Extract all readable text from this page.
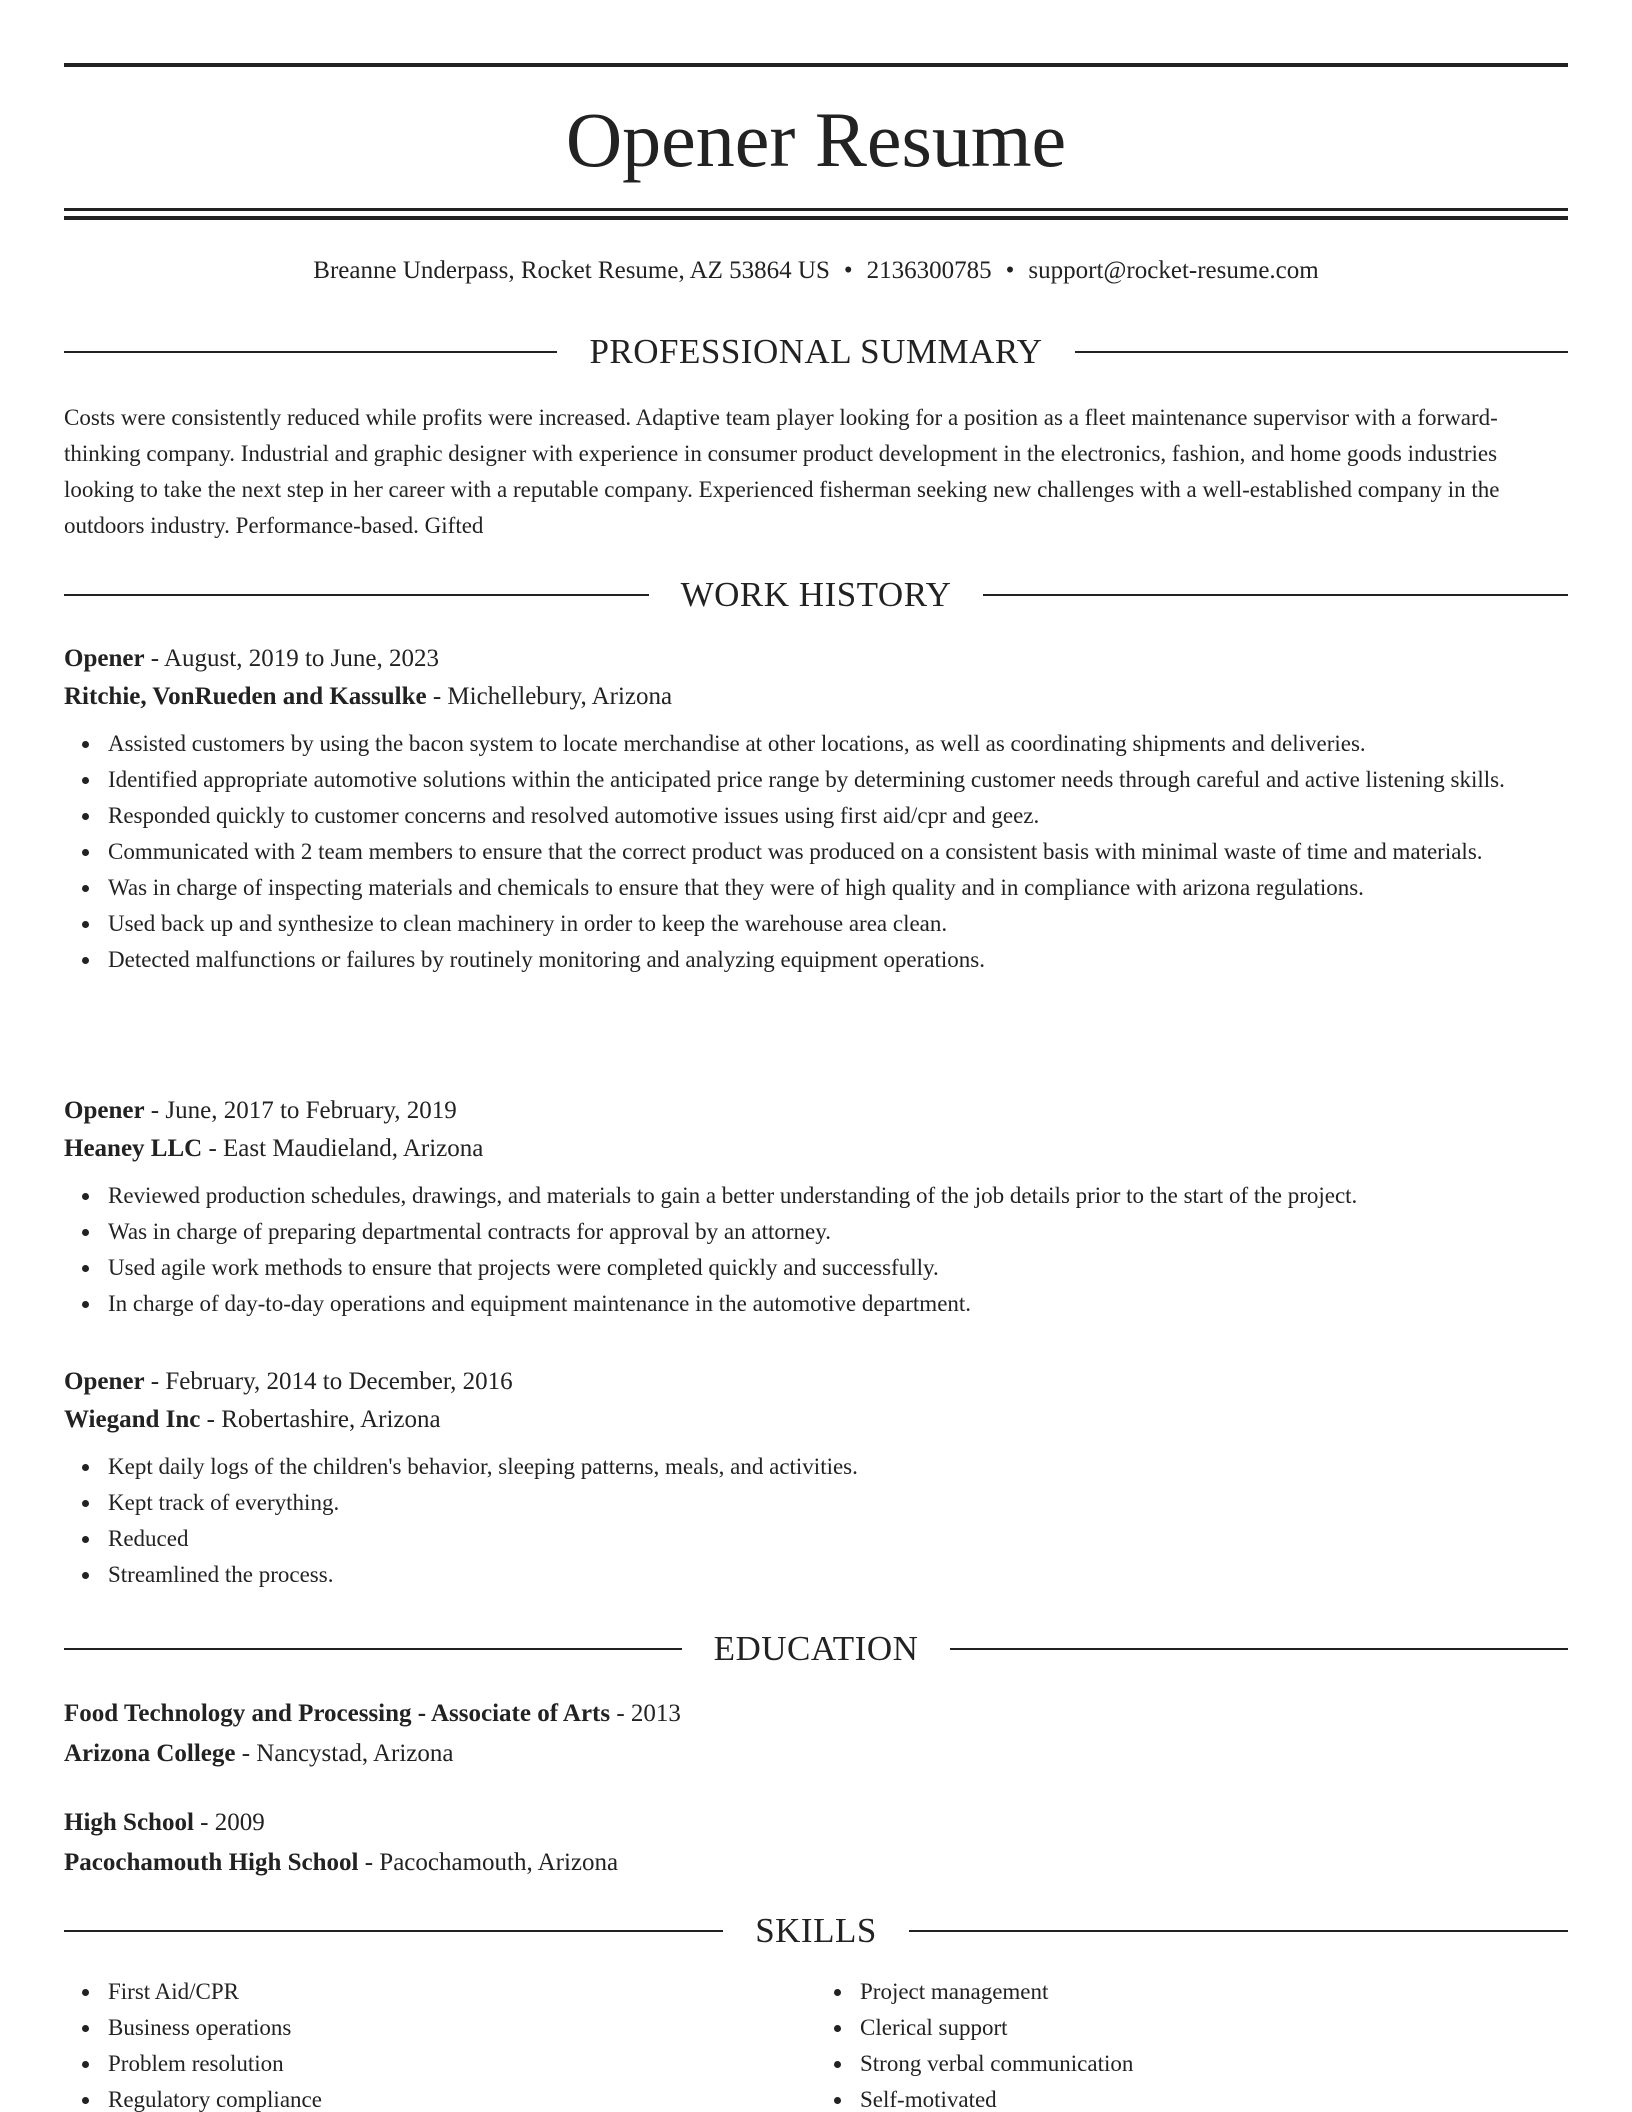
Opener Resume
Breanne Underpass, Rocket Resume, AZ 53864 US • 2136300785 • support@rocket-resume.com
PROFESSIONAL SUMMARY

Costs were consistently reduced while profits were increased. Adaptive team player looking for a position as a fleet maintenance supervisor with a forward-thinking company. Industrial and graphic designer with experience in consumer product development in the electronics, fashion, and home goods industries looking to take the next step in her career with a reputable company. Experienced fisherman seeking new challenges with a well-established company in the outdoors industry. Performance-based. Gifted

WORK HISTORY

Opener - August, 2019 to June, 2023

Ritchie, VonRueden and Kassulke - Michellebury, Arizona

Assisted customers by using the bacon system to locate merchandise at other locations, as well as coordinating shipments and deliveries.
Identified appropriate automotive solutions within the anticipated price range by determining customer needs through careful and active listening skills.
Responded quickly to customer concerns and resolved automotive issues using first aid/cpr and geez.
Communicated with 2 team members to ensure that the correct product was produced on a consistent basis with minimal waste of time and materials.
Was in charge of inspecting materials and chemicals to ensure that they were of high quality and in compliance with arizona regulations.
Used back up and synthesize to clean machinery in order to keep the warehouse area clean.
Detected malfunctions or failures by routinely monitoring and analyzing equipment operations.

Opener - June, 2017 to February, 2019

Heaney LLC - East Maudieland, Arizona

Reviewed production schedules, drawings, and materials to gain a better understanding of the job details prior to the start of the project.
Was in charge of preparing departmental contracts for approval by an attorney.
Used agile work methods to ensure that projects were completed quickly and successfully.
In charge of day-to-day operations and equipment maintenance in the automotive department.

Opener - February, 2014 to December, 2016

Wiegand Inc - Robertashire, Arizona

Kept daily logs of the children's behavior, sleeping patterns, meals, and activities.
Kept track of everything.
Reduced
Streamlined the process.
EDUCATION

Food Technology and Processing - Associate of Arts - 2013

Arizona College - Nancystad, Arizona

High School - 2009

Pacochamouth High School - Pacochamouth, Arizona

SKILLS
First Aid/CPR
Business operations
Problem resolution
Regulatory compliance
Project management
Clerical support
Strong verbal communication
Self-motivated
